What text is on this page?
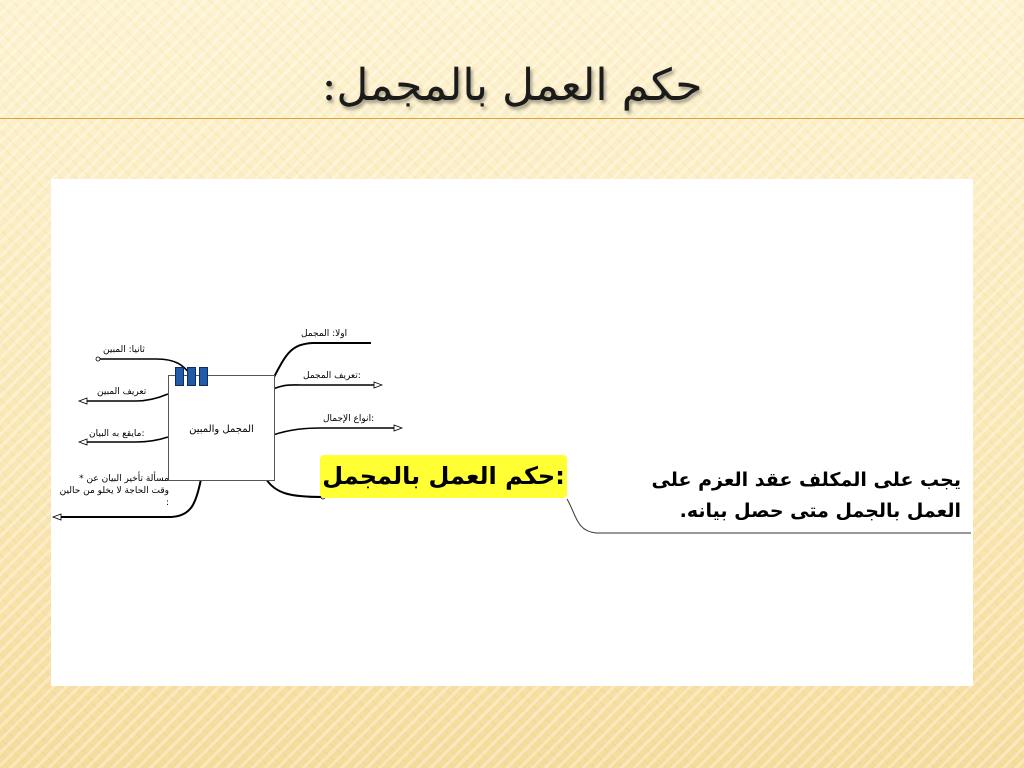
حكم العمل بالمجمل:
المجمل والمبين
ثانيا: المبين
تعريف المبين
:مايقع به البيان
مسألة تأخير البيان عن * وقت الحاجة لا يخلو من حالين :
اولا: المجمل
:تعريف المجمل
:انواع الإجمال
:حكم العمل بالمجمل	يجب على المكلف عقد العزم على العمل بالجمل متى حصل بيانه.
